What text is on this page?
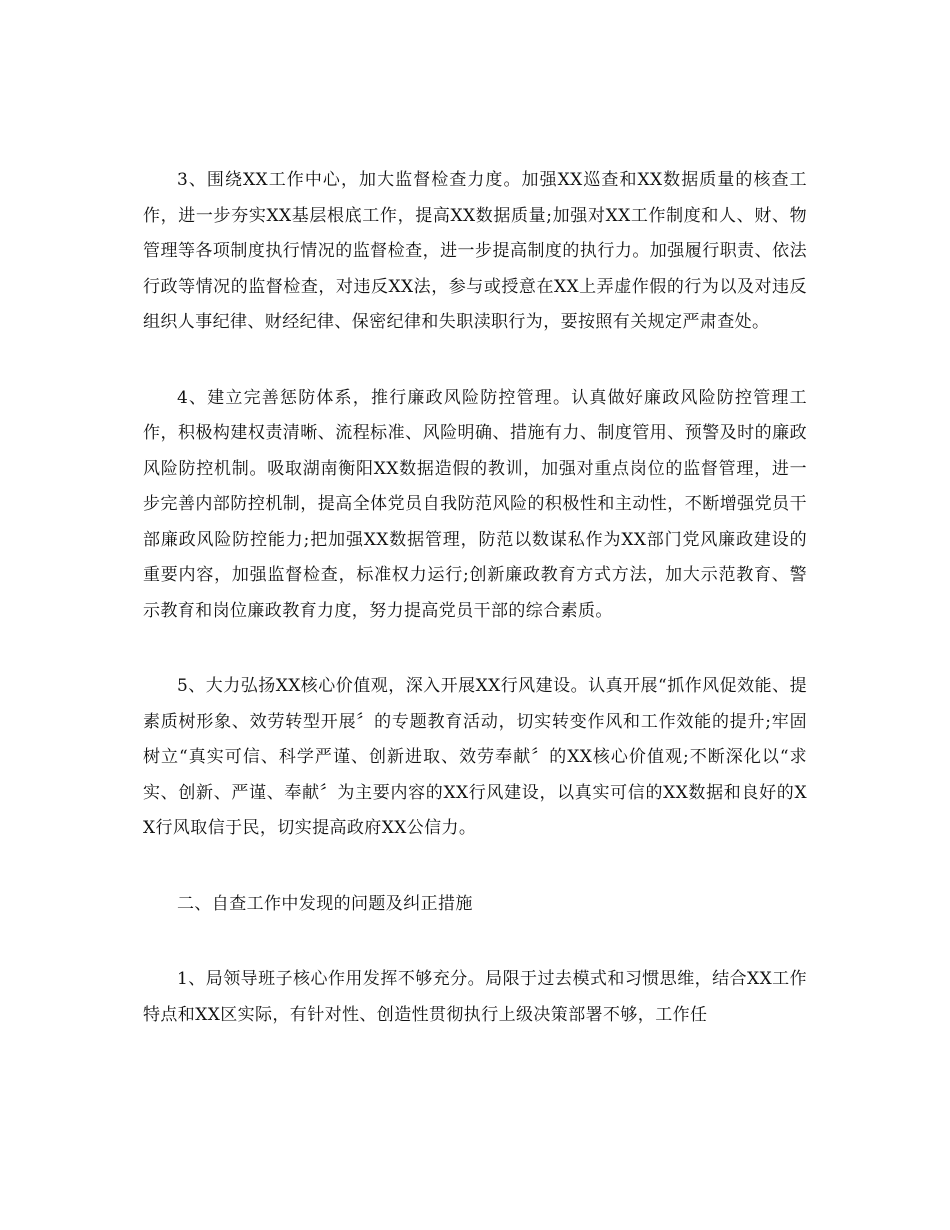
3、围绕XX工作中心，加大监督检查力度。加强XX巡查和XX数据质量的核查工作，进一步夯实XX基层根底工作，提高XX数据质量;加强对XX工作制度和人、财、物管理等各项制度执行情况的监督检查，进一步提高制度的执行力。加强履行职责、依法行政等情况的监督检查，对违反XX法，参与或授意在XX上弄虚作假的行为以及对违反组织人事纪律、财经纪律、保密纪律和失职渎职行为，要按照有关规定严肃查处。

4、建立完善惩防体系，推行廉政风险防控管理。认真做好廉政风险防控管理工作，积极构建权责清晰、流程标准、风险明确、措施有力、制度管用、预警及时的廉政风险防控机制。吸取湖南衡阳XX数据造假的教训，加强对重点岗位的监督管理，进一步完善内部防控机制，提高全体党员自我防范风险的积极性和主动性，不断增强党员干部廉政风险防控能力;把加强XX数据管理，防范以数谋私作为XX部门党风廉政建设的重要内容，加强监督检查，标准权力运行;创新廉政教育方式方法，加大示范教育、警示教育和岗位廉政教育力度，努力提高党员干部的综合素质。

5、大力弘扬XX核心价值观，深入开展XX行风建设。认真开展“抓作风促效能、提素质树形象、效劳转型开展〞的专题教育活动，切实转变作风和工作效能的提升;牢固树立“真实可信、科学严谨、创新进取、效劳奉献〞的XX核心价值观;不断深化以“求实、创新、严谨、奉献〞为主要内容的XX行风建设，以真实可信的XX数据和良好的XX行风取信于民，切实提高政府XX公信力。

二、自查工作中发现的问题及纠正措施

1、局领导班子核心作用发挥不够充分。局限于过去模式和习惯思维，结合XX工作特点和XX区实际，有针对性、创造性贯彻执行上级决策部署不够，工作任
